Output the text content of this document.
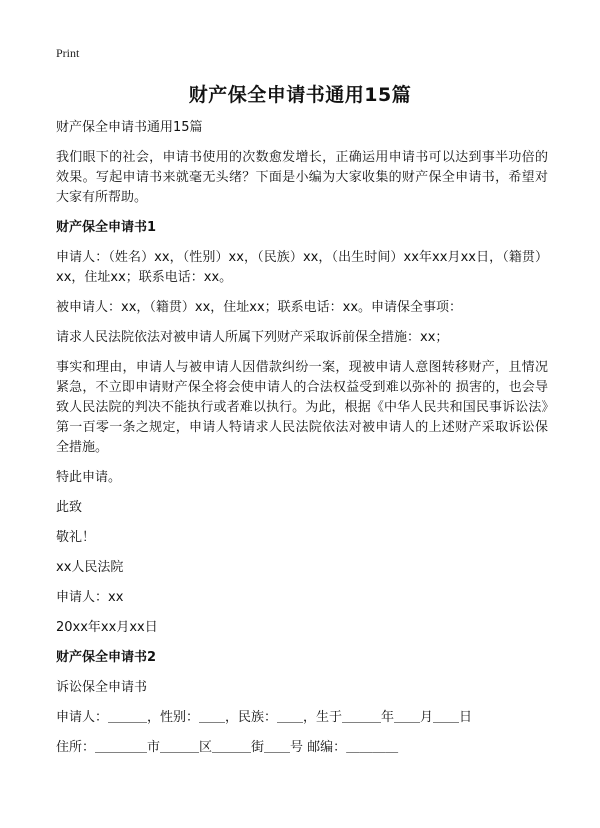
Print
财产保全申请书通用15篇

财产保全申请书通用15篇

我们眼下的社会，申请书使用的次数愈发增长，正确运用申请书可以达到事半功倍的效果。写起申请书来就毫无头绪？下面是小编为大家收集的财产保全申请书，希望对大家有所帮助。

财产保全申请书1

申请人：（姓名）xx，（性别）xx，（民族）xx，（出生时间）xx年xx月xx日，（籍贯）xx，住址xx；联系电话：xx。

被申请人：xx，（籍贯）xx，住址xx；联系电话：xx。申请保全事项：

请求人民法院依法对被申请人所属下列财产采取诉前保全措施：xx；

事实和理由，申请人与被申请人因借款纠纷一案，现被申请人意图转移财产，且情况紧急，不立即申请财产保全将会使申请人的合法权益受到难以弥补的 损害的，也会导致人民法院的判决不能执行或者难以执行。为此，根据《中华人民共和国民事诉讼法》第一百零一条之规定，申请人特请求人民法院依法对被申请人的上述财产采取诉讼保全措施。

特此申请。

此致

敬礼！

xx人民法院

申请人：xx

20xx年xx月xx日

财产保全申请书2

诉讼保全申请书

申请人：＿＿＿，性别：＿＿，民族：＿＿，生于＿＿＿年＿＿月＿＿日

住所：＿＿＿＿市＿＿＿区＿＿＿街＿＿号 邮编：＿＿＿＿
